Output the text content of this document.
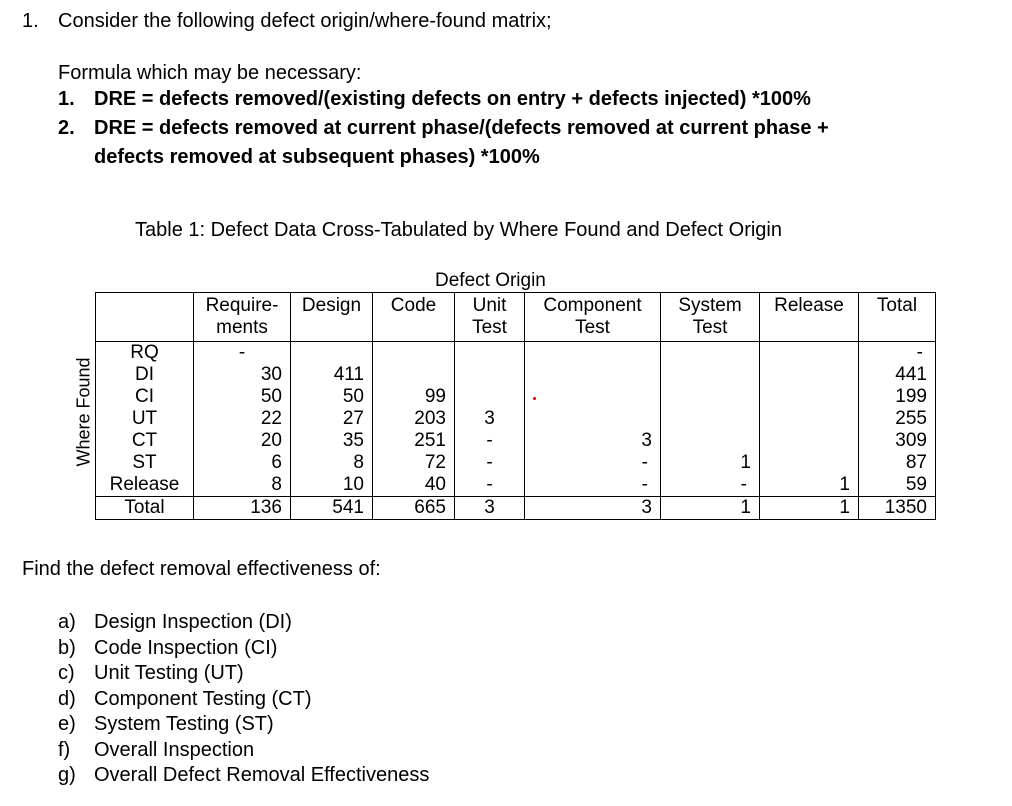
1. Consider the following defect origin/where-found matrix;
Formula which may be necessary:
1. DRE = defects removed/(existing defects on entry + defects injected) *100%
2. DRE = defects removed at current phase/(defects removed at current phase +
defects removed at subsequent phases) *100%
Table 1: Defect Data Cross-Tabulated by Where Found and Defect Origin
Defect Origin
Where Found
	Require-
ments	Design	Code	Unit
Test	Component
Test	System
Test	Release	Total
RQ	-							-
DI	30	411						441
CI	50	50	99					199
UT	22	27	203	3				255
CT	20	35	251	-	3			309
ST	6	8	72	-	-	1		87
Release	8	10	40	-	-	-	1	59
Total	136	541	665	3	3	1	1	1350
Find the defect removal effectiveness of:
a) Design Inspection (DI)
b) Code Inspection (CI)
c) Unit Testing (UT)
d) Component Testing (CT)
e) System Testing (ST)
f) Overall Inspection
g) Overall Defect Removal Effectiveness
